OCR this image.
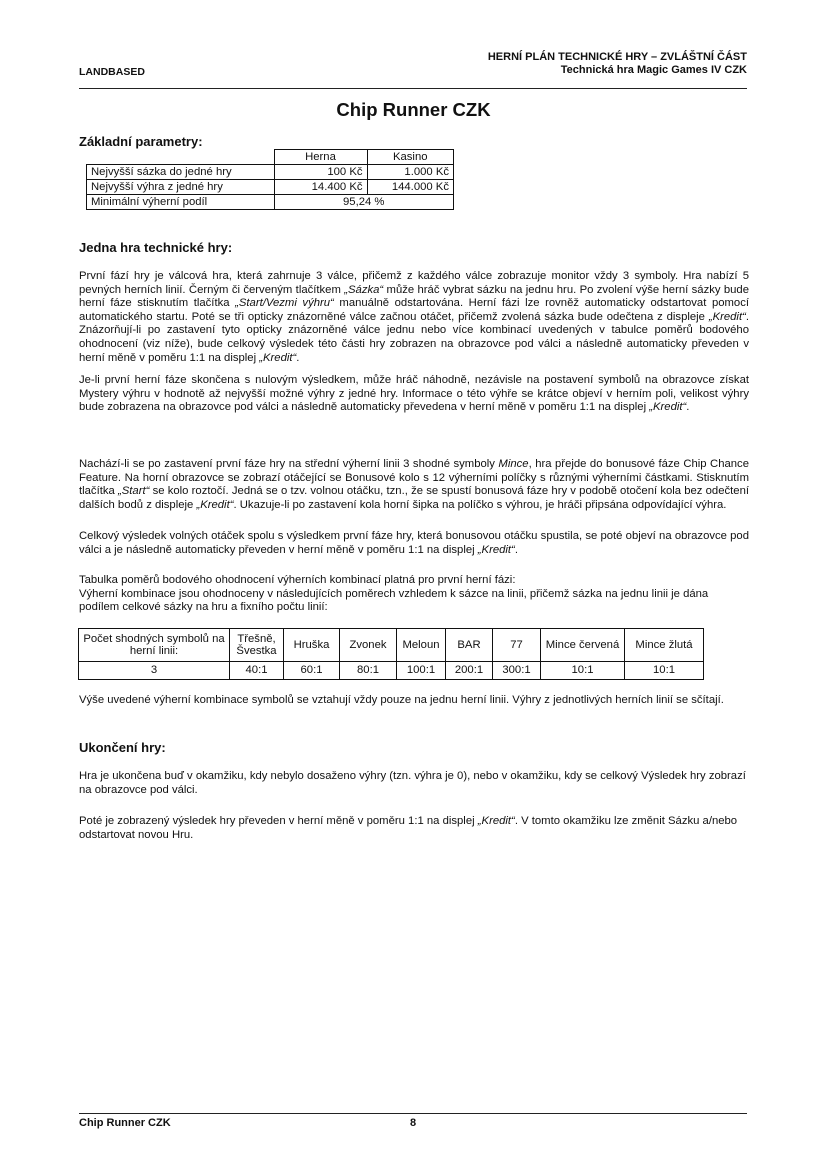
LANDBASED
HERNÍ PLÁN TECHNICKÉ HRY – ZVLÁŠTNÍ ČÁST
Technická hra Magic Games IV CZK
Chip Runner CZK
Základní parametry:
	Herna	Kasino
Nejvyšší sázka do jedné hry	100 Kč	1.000 Kč
Nejvyšší výhra z jedné hry	14.400 Kč	144.000 Kč
Minimální výherní podíl	95,24 %	
Jedna hra technické hry:
První fází hry je válcová hra, která zahrnuje 3 válce, přičemž z každého válce zobrazuje monitor vždy 3 symboly. Hra nabízí 5 pevných herních linií. Černým či červeným tlačítkem „Sázka“ může hráč vybrat sázku na jednu hru. Po zvolení výše herní sázky bude herní fáze stisknutím tlačítka „Start/Vezmi výhru“ manuálně odstartována. Herní fázi lze rovněž automaticky odstartovat pomocí automatického startu. Poté se tři opticky znázorněné válce začnou otáčet, přičemž zvolená sázka bude odečtena z displeje „Kredit“. Znázorňují-li po zastavení tyto opticky znázorněné válce jednu nebo více kombinací uvedených v tabulce poměrů bodového ohodnocení (viz níže), bude celkový výsledek této části hry zobrazen na obrazovce pod válci a následně automaticky převeden v herní měně v poměru 1:1 na displej „Kredit“.
Je-li první herní fáze skončena s nulovým výsledkem, může hráč náhodně, nezávisle na postavení symbolů na obrazovce získat Mystery výhru v hodnotě až nejvyšší možné výhry z jedné hry. Informace o této výhře se krátce objeví v herním poli, velikost výhry bude zobrazena na obrazovce pod válci a následně automaticky převedena v herní měně v poměru 1:1 na displej „Kredit“.
Nachází-li se po zastavení první fáze hry na střední výherní linii 3 shodné symboly Mince, hra přejde do bonusové fáze Chip Chance Feature. Na horní obrazovce se zobrazí otáčející se Bonusové kolo s 12 výherními políčky s různými výherními částkami. Stisknutím tlačítka „Start“ se kolo roztočí. Jedná se o tzv. volnou otáčku, tzn., že se spustí bonusová fáze hry v podobě otočení kola bez odečtení dalších bodů z displeje „Kredit“. Ukazuje-li po zastavení kola horní šipka na políčko s výhrou, je hráči připsána odpovídající výhra.
Celkový výsledek volných otáček spolu s výsledkem první fáze hry, která bonusovou otáčku spustila, se poté objeví na obrazovce pod válci a je následně automaticky převeden v herní měně v poměru 1:1 na displej „Kredit“.
Tabulka poměrů bodového ohodnocení výherních kombinací platná pro první herní fázi:
Výherní kombinace jsou ohodnoceny v následujících poměrech vzhledem k sázce na linii, přičemž sázka na jednu linii je dána podílem celkové sázky na hru a fixního počtu linií:
Počet shodných symbolů na herní linii:	Třešně, Švestka	Hruška	Zvonek	Meloun	BAR	77	Mince červená	Mince žlutá
3	40:1	60:1	80:1	100:1	200:1	300:1	10:1	10:1
Výše uvedené výherní kombinace symbolů se vztahují vždy pouze na jednu herní linii. Výhry z jednotlivých herních linií se sčítají.
Ukončení hry:
Hra je ukončena buď v okamžiku, kdy nebylo dosaženo výhry (tzn. výhra je 0), nebo v okamžiku, kdy se celkový Výsledek hry zobrazí na obrazovce pod válci.
Poté je zobrazený výsledek hry převeden v herní měně v poměru 1:1 na displej „Kredit“. V tomto okamžiku lze změnit Sázku a/nebo odstartovat novou Hru.
Chip Runner CZK	8
